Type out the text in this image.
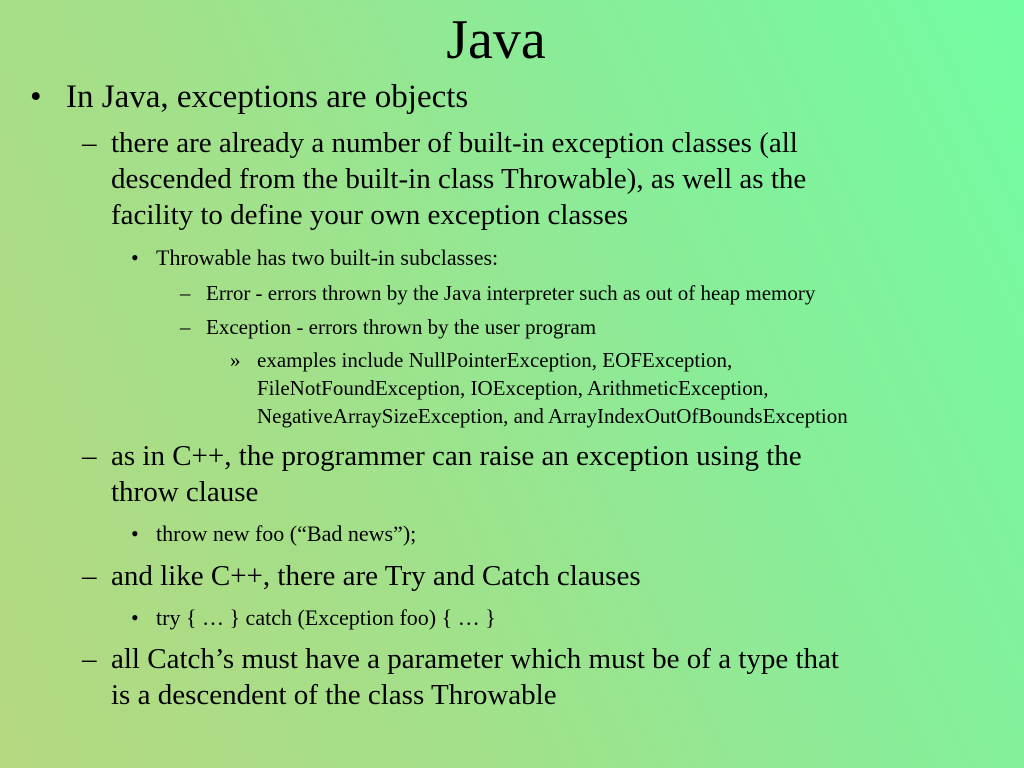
Java
• In Java, exceptions are objects
– there are already a number of built-in exception classes (all
descended from the built-in class Throwable), as well as the
facility to define your own exception classes
• Throwable has two built-in subclasses:
– Error - errors thrown by the Java interpreter such as out of heap memory
– Exception - errors thrown by the user program
» examples include NullPointerException, EOFException,
FileNotFoundException, IOException, ArithmeticException,
NegativeArraySizeException, and ArrayIndexOutOfBoundsException
– as in C++, the programmer can raise an exception using the
throw clause
• throw new foo (“Bad news”);
– and like C++, there are Try and Catch clauses
• try { … } catch (Exception foo) { … }
– all Catch’s must have a parameter which must be of a type that
is a descendent of the class Throwable
